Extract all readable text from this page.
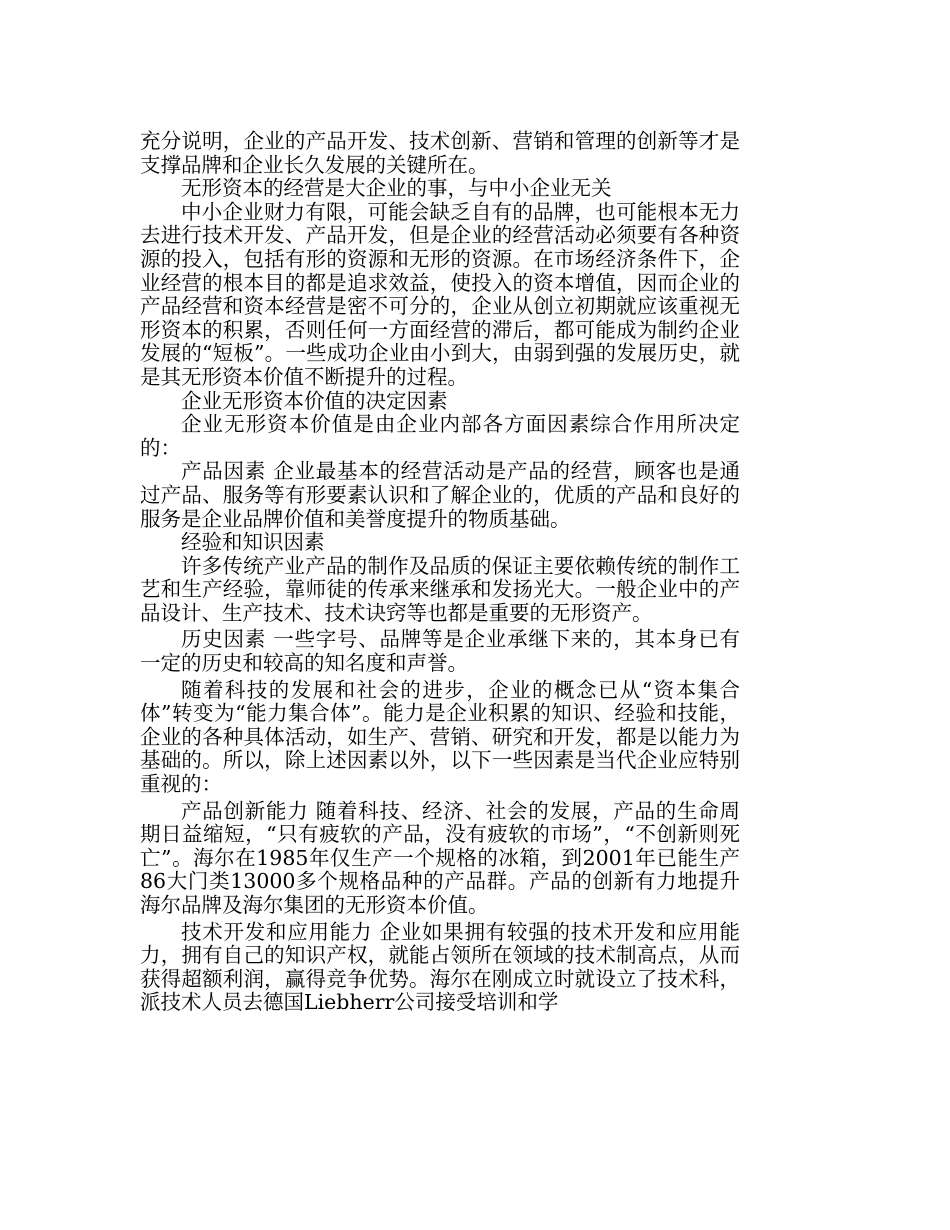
充分说明，企业的产品开发、技术创新、营销和管理的创新等才是支撑品牌和企业长久发展的关键所在。

无形资本的经营是大企业的事，与中小企业无关

中小企业财力有限，可能会缺乏自有的品牌，也可能根本无力去进行技术开发、产品开发，但是企业的经营活动必须要有各种资源的投入，包括有形的资源和无形的资源。在市场经济条件下，企业经营的根本目的都是追求效益，使投入的资本增值，因而企业的产品经营和资本经营是密不可分的，企业从创立初期就应该重视无形资本的积累，否则任何一方面经营的滞后，都可能成为制约企业发展的“短板”。一些成功企业由小到大，由弱到强的发展历史，就是其无形资本价值不断提升的过程。

企业无形资本价值的决定因素

企业无形资本价值是由企业内部各方面因素综合作用所决定的：

产品因素 企业最基本的经营活动是产品的经营，顾客也是通过产品、服务等有形要素认识和了解企业的，优质的产品和良好的服务是企业品牌价值和美誉度提升的物质基础。

经验和知识因素

许多传统产业产品的制作及品质的保证主要依赖传统的制作工艺和生产经验，靠师徒的传承来继承和发扬光大。一般企业中的产品设计、生产技术、技术诀窍等也都是重要的无形资产。

历史因素 一些字号、品牌等是企业承继下来的，其本身已有一定的历史和较高的知名度和声誉。

随着科技的发展和社会的进步，企业的概念已从“资本集合体”转变为“能力集合体”。能力是企业积累的知识、经验和技能，企业的各种具体活动，如生产、营销、研究和开发，都是以能力为基础的。所以，除上述因素以外，以下一些因素是当代企业应特别重视的：

产品创新能力 随着科技、经济、社会的发展，产品的生命周期日益缩短，“只有疲软的产品，没有疲软的市场”，“不创新则死亡”。海尔在1985年仅生产一个规格的冰箱，到2001年已能生产86大门类13000多个规格品种的产品群。产品的创新有力地提升海尔品牌及海尔集团的无形资本价值。

技术开发和应用能力 企业如果拥有较强的技术开发和应用能力，拥有自己的知识产权，就能占领所在领域的技术制高点，从而获得超额利润，赢得竞争优势。海尔在刚成立时就设立了技术科，派技术人员去德国Liebherr公司接受培训和学
